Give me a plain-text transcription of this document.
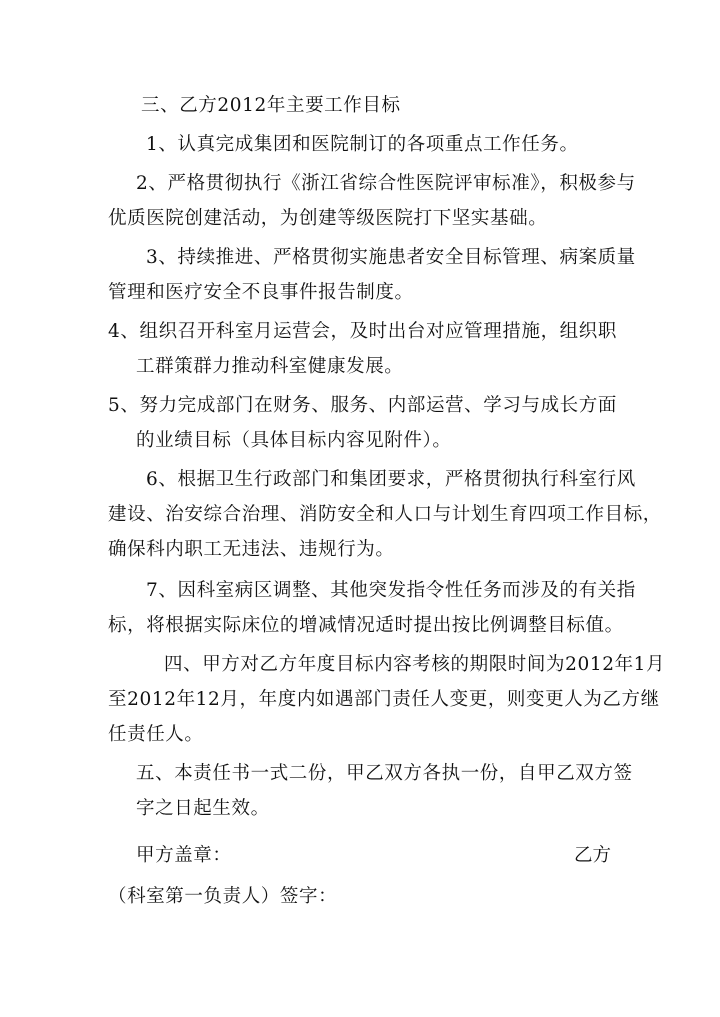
三、乙方2012年主要工作目标
1、认真完成集团和医院制订的各项重点工作任务。
2、严格贯彻执行《浙江省综合性医院评审标准》，积极参与
优质医院创建活动，为创建等级医院打下坚实基础。
3、持续推进、严格贯彻实施患者安全目标管理、病案质量
管理和医疗安全不良事件报告制度。
4、组织召开科室月运营会，及时出台对应管理措施，组织职
工群策群力推动科室健康发展。
5、努力完成部门在财务、服务、内部运营、学习与成长方面
的业绩目标（具体目标内容见附件）。
6、根据卫生行政部门和集团要求，严格贯彻执行科室行风
建设、治安综合治理、消防安全和人口与计划生育四项工作目标，
确保科内职工无违法、违规行为。
7、因科室病区调整、其他突发指令性任务而涉及的有关指
标，将根据实际床位的增减情况适时提出按比例调整目标值。
四、甲方对乙方年度目标内容考核的期限时间为2012年1月
至2012年12月，年度内如遇部门责任人变更，则变更人为乙方继
任责任人。
五、本责任书一式二份，甲乙双方各执一份，自甲乙双方签
字之日起生效。
甲方盖章：	乙方
（科室第一负责人）签字：
